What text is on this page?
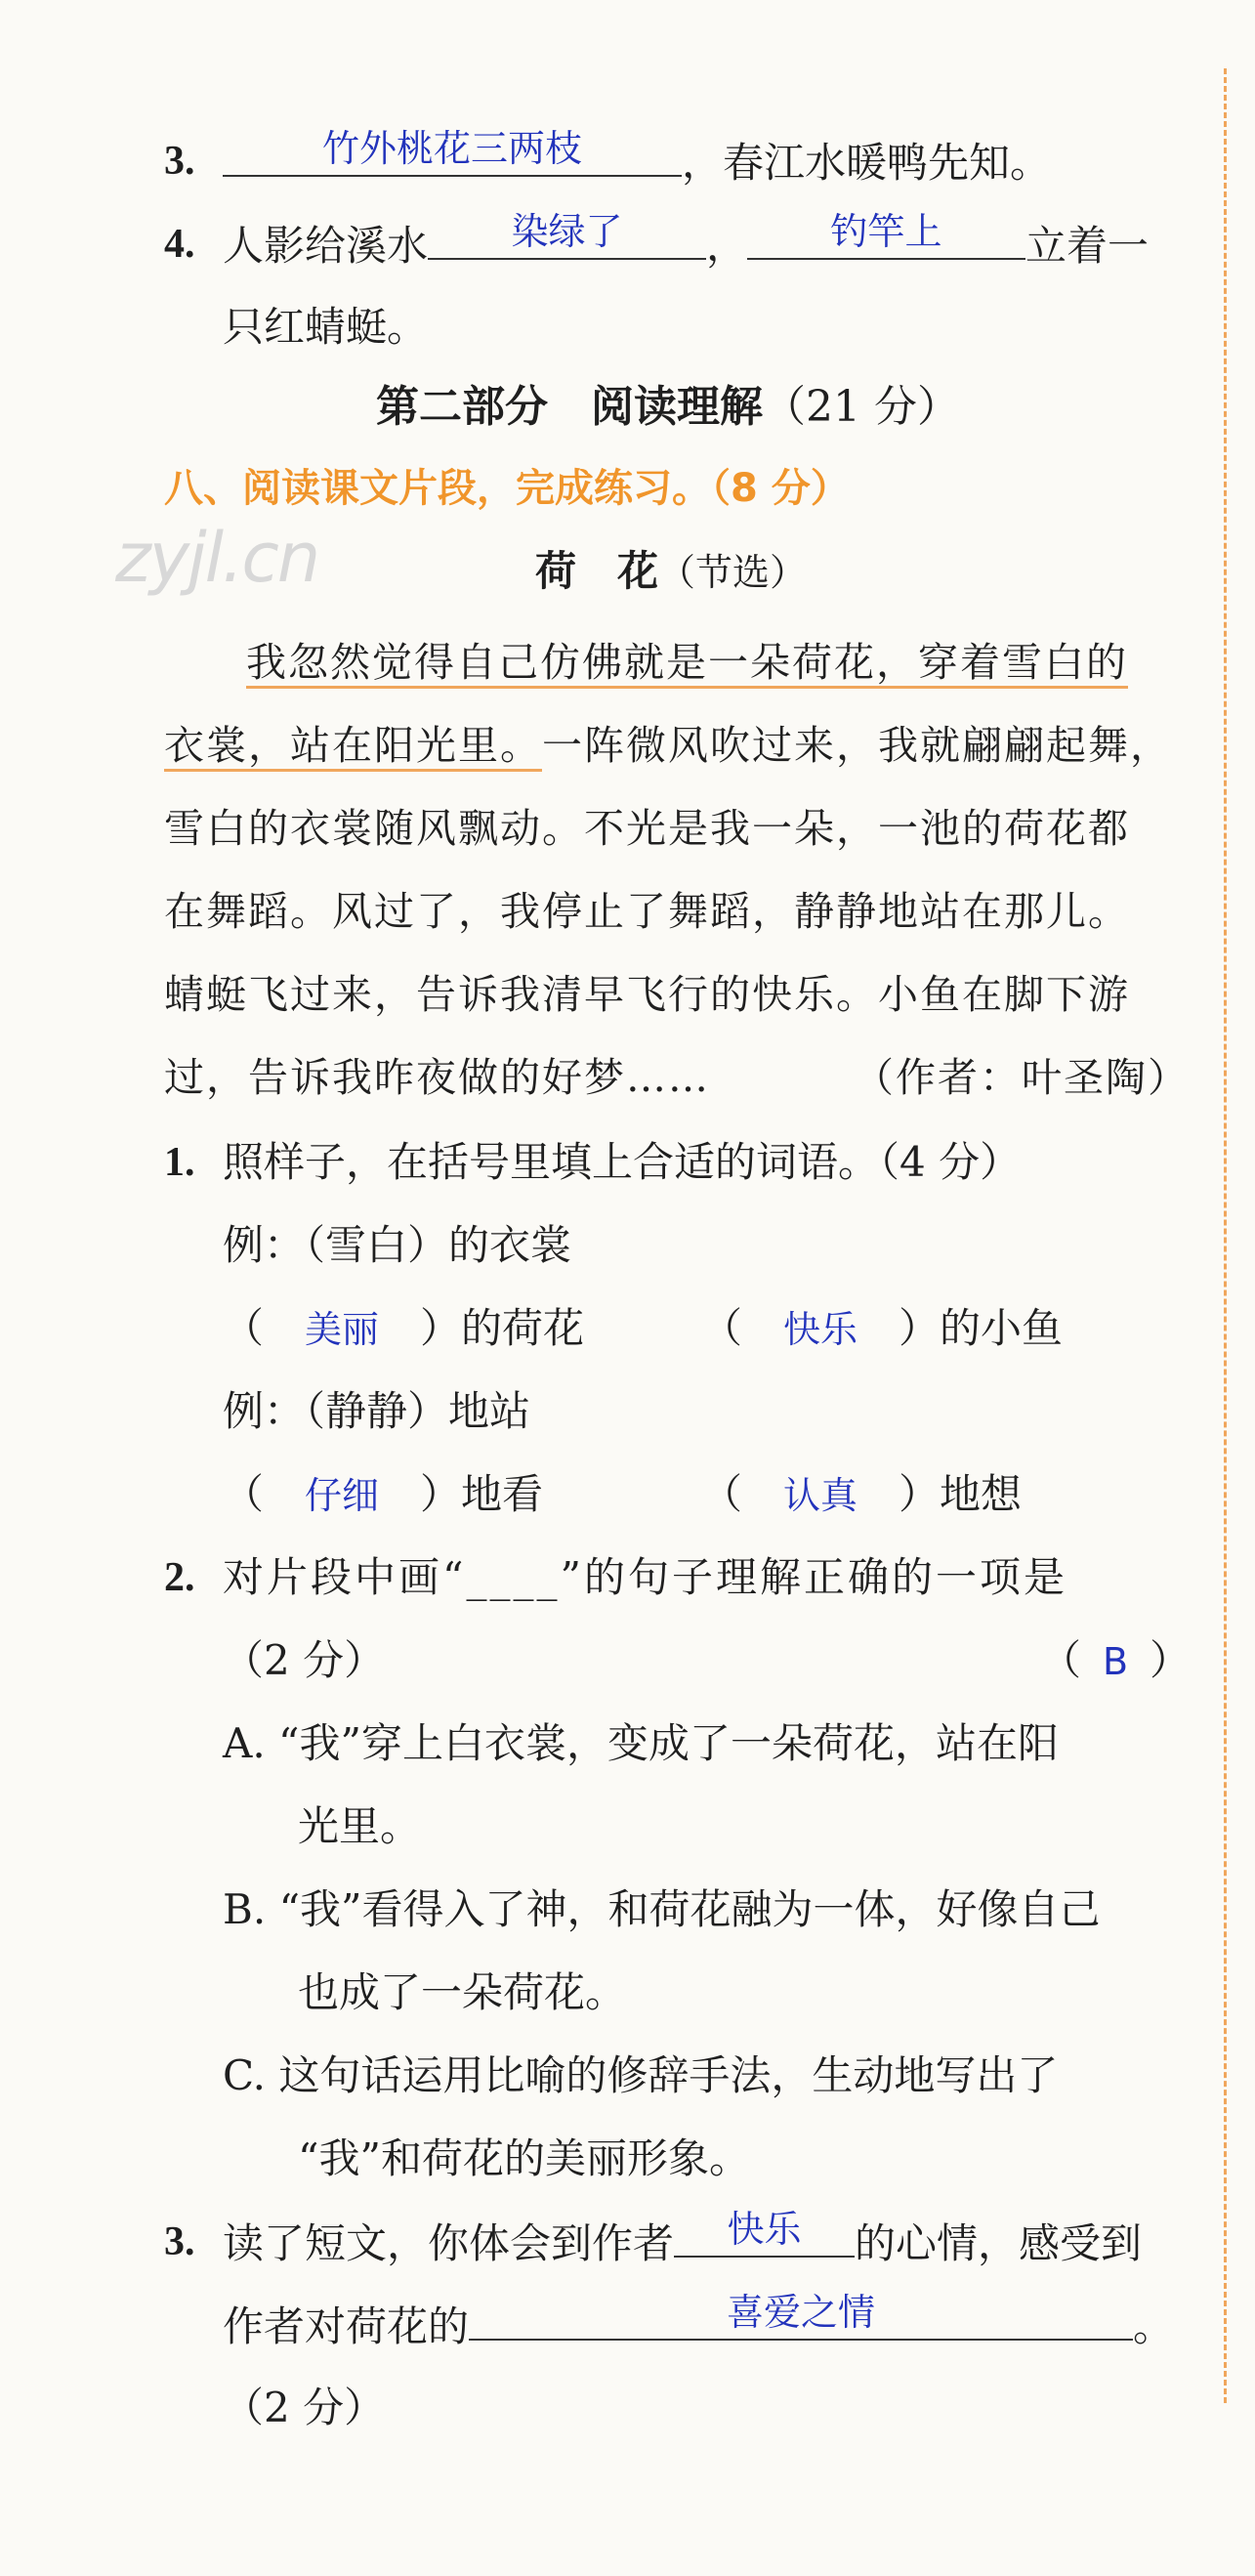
zyjl.cn
3.	竹外桃花三两枝	，春江水暖鸭先知。
4. 人影给溪水	染绿了	，	钓竿上	立着一
只红蜻蜓。
第二部分　阅读理解（21 分）
八、阅读课文片段，完成练习。（8 分）
荷　花（节选）
我忽然觉得自己仿佛就是一朵荷花，穿着雪白的
衣裳，站在阳光里。一阵微风吹过来，我就翩翩起舞，
雪白的衣裳随风飘动。不光是我一朵，一池的荷花都
在舞蹈。风过了，我停止了舞蹈，静静地站在那儿。
蜻蜓飞过来，告诉我清早飞行的快乐。小鱼在脚下游
过，告诉我昨夜做的好梦……	（作者：叶圣陶）
1. 照样子，在括号里填上合适的词语。（4 分）
例：（雪白）的衣裳
（ 美丽 ）的荷花	（ 快乐 ）的小鱼
例：（静静）地站
（ 仔细 ）地看	（ 认真 ）地想
2. 对片段中画“____”的句子理解正确的一项是
（2 分）	（ B ）
A. “我”穿上白衣裳，变成了一朵荷花，站在阳
光里。
B. “我”看得入了神，和荷花融为一体，好像自己
也成了一朵荷花。
C. 这句话运用比喻的修辞手法，生动地写出了
“我”和荷花的美丽形象。
3. 读了短文，你体会到作者	快乐	的心情，感受到
作者对荷花的	喜爱之情	。
（2 分）
